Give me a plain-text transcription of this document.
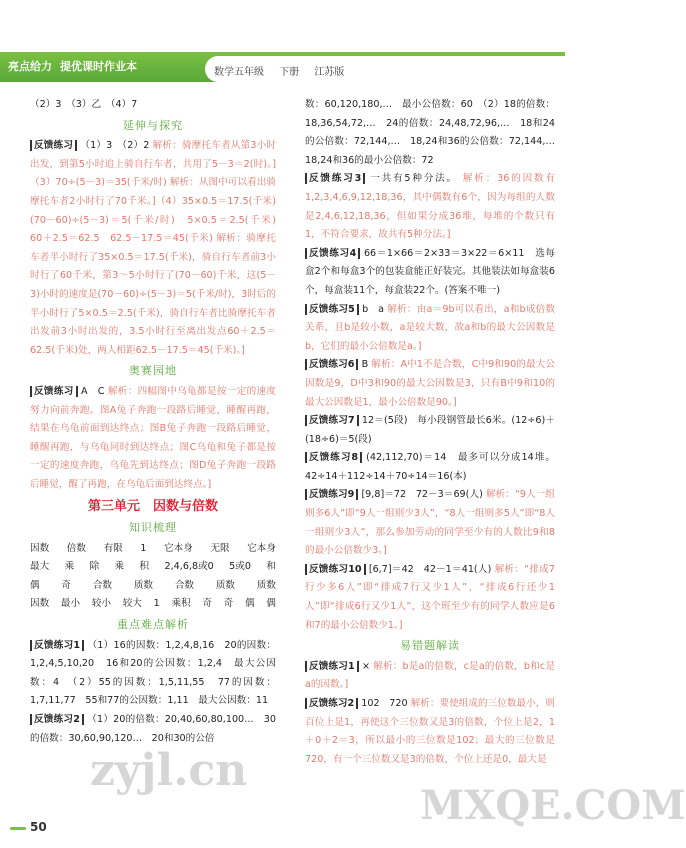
亮点给力 提优课时作业本	数学五年级 下册 江苏版

（2）3　（3）乙　（4）7

延伸与探究

反馈练习 （1）3　（2）2 解析：骑摩托车者从第3小时出发，到第5小时追上骑自行车者，共用了5－3＝2(时)。]（3）70÷(5－3)＝35(千米/时) 解析：从图中可以看出骑摩托车者2小时行了70千米。]（4）35×0.5＝17.5(千米)　(70－60)÷(5－3)＝5(千米/时)　5×0.5＝2.5(千米)　60＋2.5＝62.5　62.5－17.5＝45(千米) 解析：骑摩托车者半小时行了35×0.5＝17.5(千米)，骑自行车者前3小时行了60千米，第3～5小时行了(70－60)千米，这(5－3)小时的速度是(70－60)÷(5－3)＝5(千米/时)，3时后的半小时行了5×0.5＝2.5(千米)，骑自行车者比骑摩托车者出发前3小时出发的，3.5小时行至离出发点60＋2.5＝62.5(千米)处，两人相距62.5－17.5＝45(千米)。]

奥赛园地

反馈练习 A　C 解析：四幅图中乌龟都是按一定的速度努力向前奔跑。图A兔子奔跑一段路后睡觉，睡醒再跑，结果在乌龟前面到达终点；图B兔子奔跑一段路后睡觉，睡醒再跑，与乌龟同时到达终点；图C乌龟和兔子都是按一定的速度奔跑，乌龟先到达终点；图D兔子奔跑一段路后睡觉，醒了再跑，在乌龟后面到达终点。]

第三单元　因数与倍数
知识梳理
因数 倍数 有限 1 它本身 无限 它本身
最大 乘 除 乘 积 2,4,6,8或0 5或0 和
偶 奇 合数 质数 合数 质数 质数
因数 最小 较小 较大 1 乘积 奇 奇 偶 偶
重点难点解析

反馈练习1 （1）16的因数：1,2,4,8,16　20的因数：1,2,4,5,10,20　16和20的公因数：1,2,4　最大公因数：4　（2）55的因数：1,5,11,55　77的因数：1,7,11,77　55和77的公因数：1,11　最大公因数：11

反馈练习2 （1）20的倍数：20,40,60,80,100…　30的倍数：30,60,90,120…　20和30的公倍

数：60,120,180,…　最小公倍数：60　（2）18的倍数：18,36,54,72,…　24的倍数：24,48,72,96,…　18和24的公倍数：72,144,…　18,24和36的公倍数：72,144,…　18,24和36的最小公倍数：72

反馈练习3 一共有5种分法。 解析：36的因数有1,2,3,4,6,9,12,18,36，其中偶数有6个，因为每组的人数是2,4,6,12,18,36，但如果分成36堆，每堆的个数只有1，不符合要求，故共有5种分法。]

反馈练习4 66＝1×66＝2×33＝3×22＝6×11　选每盒2个和每盒3个的包装盒能正好装完。其他装法如每盒装6个，每盒装11个，每盒装22个。(答案不唯一)

反馈练习5 b　a 解析：由a＝9b可以看出，a和b成倍数关系，且b是较小数，a是较大数，故a和b的最大公因数是b，它们的最小公倍数是a。]

反馈练习6 B 解析：A中1不是合数，C中9和90的最大公因数是9，D中3和90的最大公因数是3，只有B中9和10的最大公因数是1，最小公倍数是90。]

反馈练习7 12＝(5段)　每小段钢管最长6米。(12÷6)＋(18÷6)＝5(段)

反馈练习8 (42,112,70)＝14　最多可以分成14堆。42÷14＋112÷14＋70÷14＝16(本)

反馈练习9 [9,8]＝72　72－3＝69(人) 解析：“9人一组则多6人”即“9人一组则少3人”，“8人一组则多5人”即“8人一组则少3人”，那么参加劳动的同学至少有的人数比9和8的最小公倍数少3。]

反馈练习10 [6,7]＝42　42－1＝41(人) 解析：“排成7行少多6人”即“排成7行又少1人”，“排成6行还少1人”即“排成6行又少1人”，这个班至少有的同学人数应是6和7的最小公倍数少1。]

易错题解读

反馈练习1 × 解析：b是a的倍数，c是a的倍数，b和c是a的因数。]

反馈练习2 102　720 解析：要使组成的三位数最小，则百位上是1，再使这个三位数又是3的倍数，个位上是2，1＋0＋2＝3，所以最小的三位数是102；最大的三位数是720，有一个三位数又是3的倍数，个位上还是0，最大是

50
zyjl.cn
MXQE.COM
